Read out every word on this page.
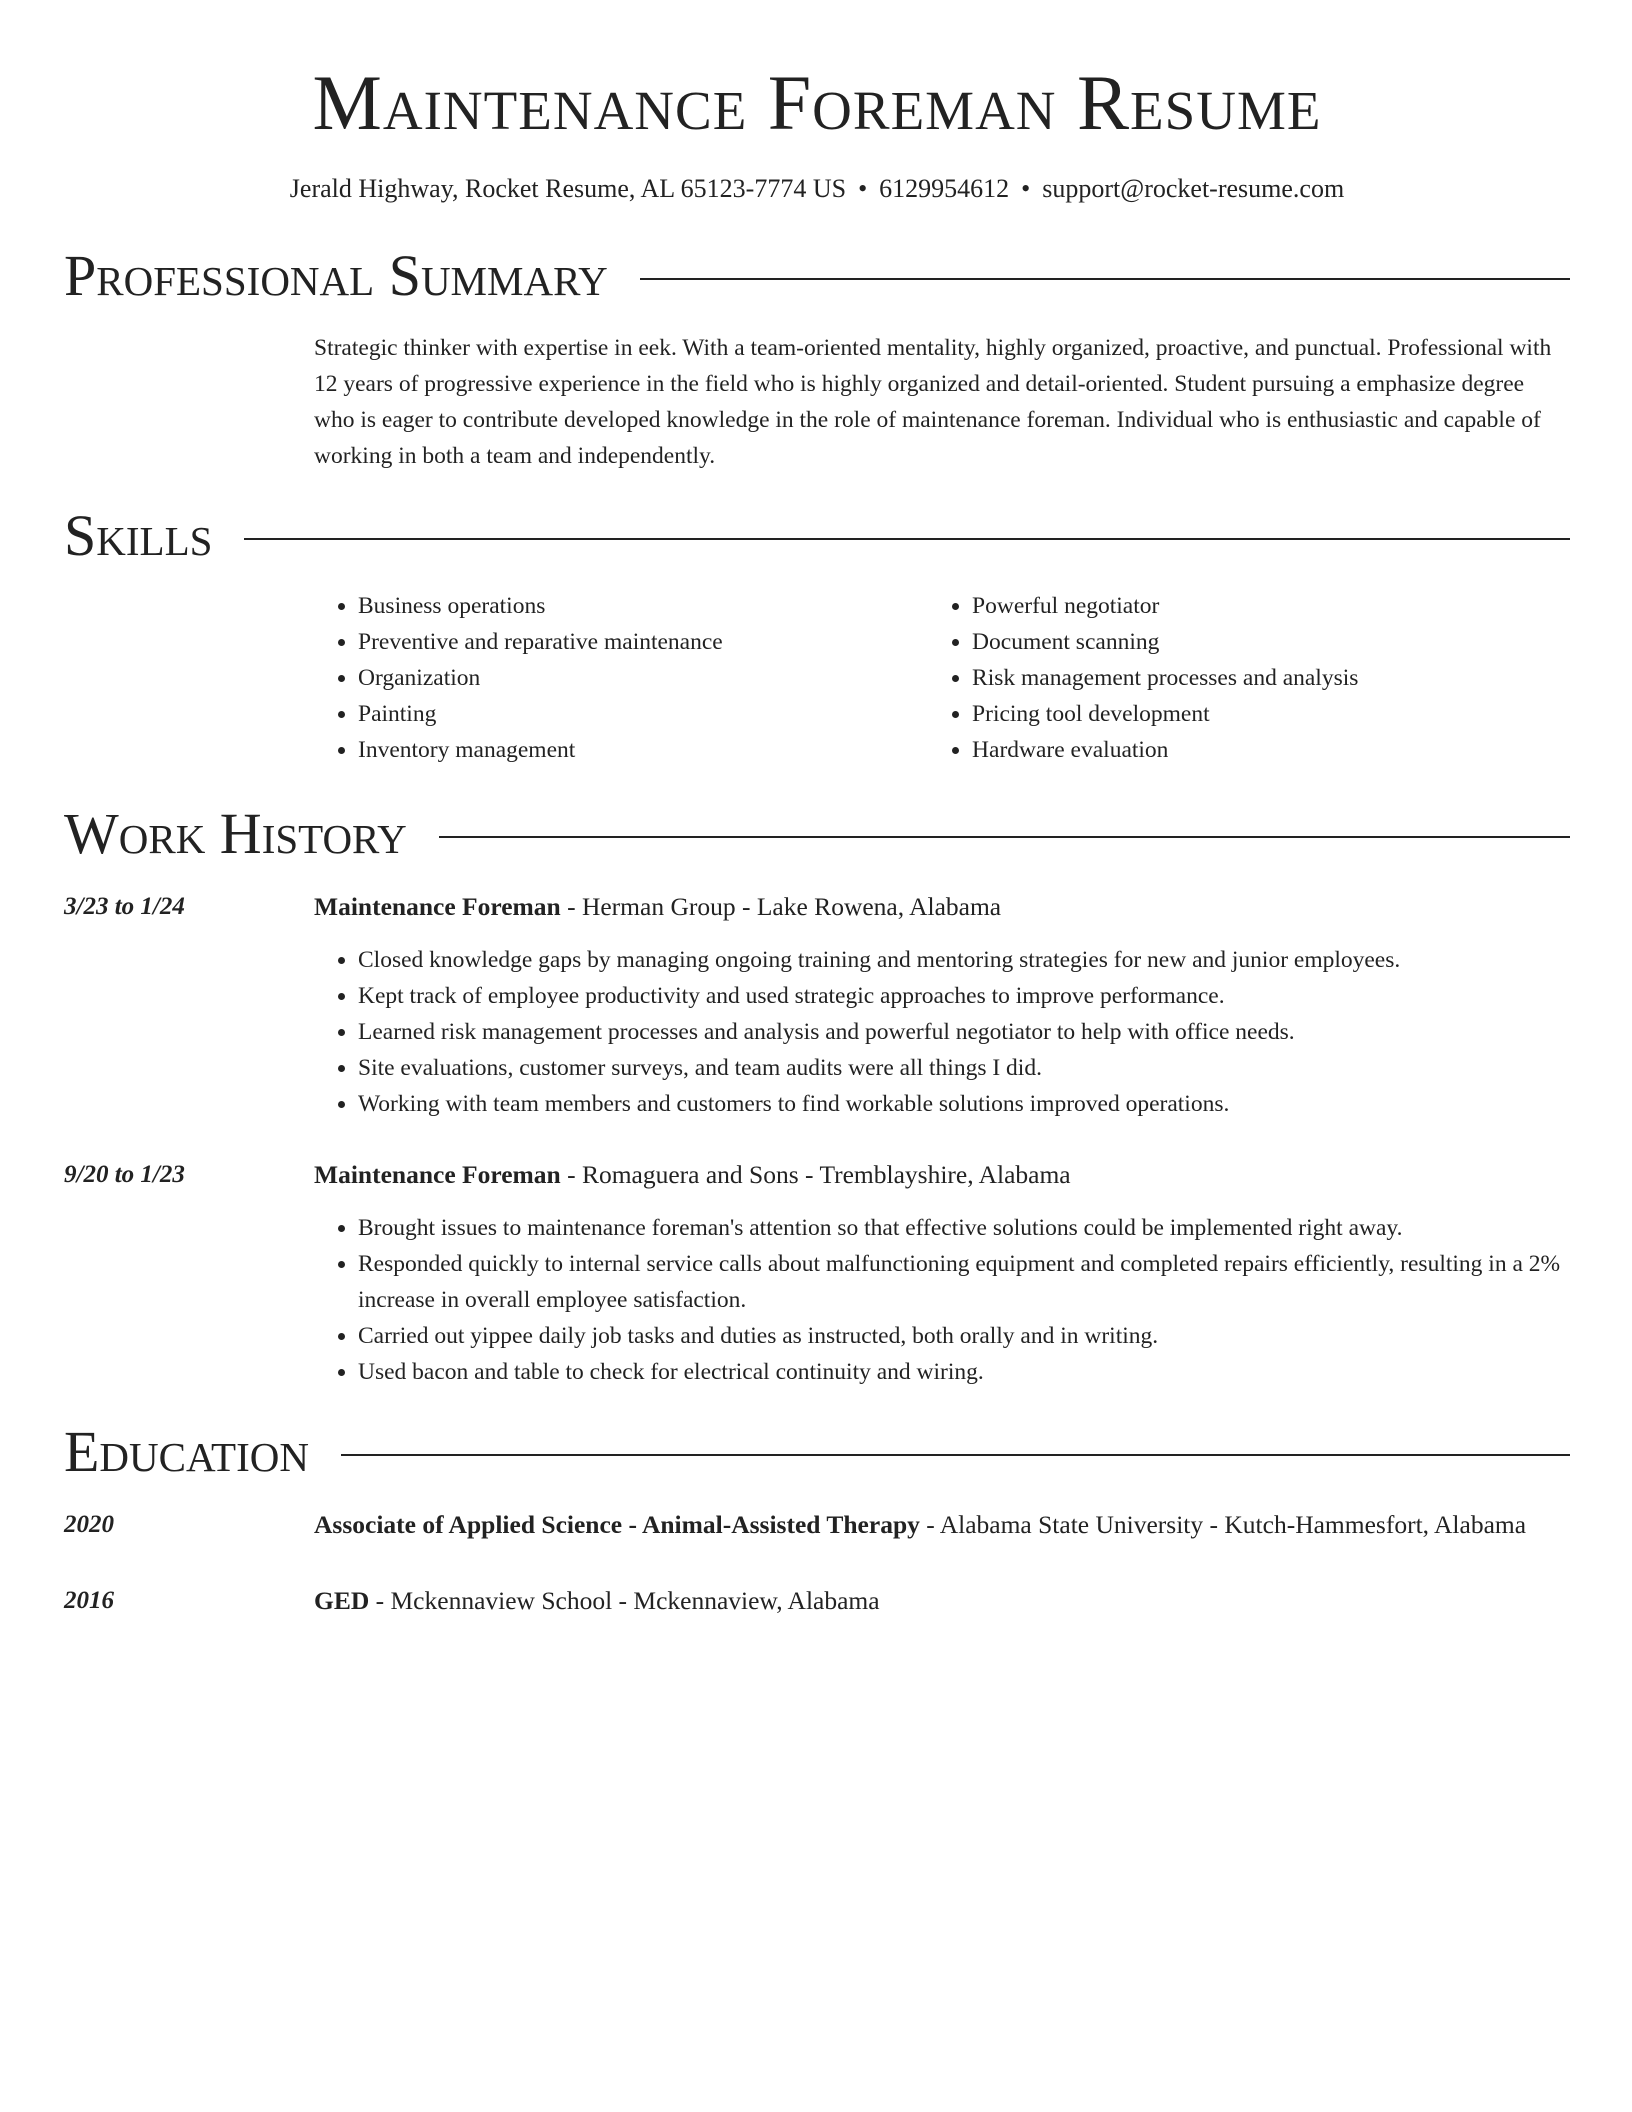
Maintenance Foreman Resume
Jerald Highway, Rocket Resume, AL 65123-7774 US • 6129954612 • support@rocket-resume.com
Professional Summary
Strategic thinker with expertise in eek. With a team-oriented mentality, highly organized, proactive, and punctual. Professional with 12 years of progressive experience in the field who is highly organized and detail-oriented. Student pursuing a emphasize degree who is eager to contribute developed knowledge in the role of maintenance foreman. Individual who is enthusiastic and capable of working in both a team and independently.
Skills
• Business operations
• Preventive and reparative maintenance
• Organization
• Painting
• Inventory management
• Powerful negotiator
• Document scanning
• Risk management processes and analysis
• Pricing tool development
• Hardware evaluation
Work History
3/23 to 1/24	Maintenance Foreman - Herman Group - Lake Rowena, Alabama
• Closed knowledge gaps by managing ongoing training and mentoring strategies for new and junior employees.
• Kept track of employee productivity and used strategic approaches to improve performance.
• Learned risk management processes and analysis and powerful negotiator to help with office needs.
• Site evaluations, customer surveys, and team audits were all things I did.
• Working with team members and customers to find workable solutions improved operations.
9/20 to 1/23	Maintenance Foreman - Romaguera and Sons - Tremblayshire, Alabama
• Brought issues to maintenance foreman's attention so that effective solutions could be implemented right away.
• Responded quickly to internal service calls about malfunctioning equipment and completed repairs efficiently, resulting in a 2% increase in overall employee satisfaction.
• Carried out yippee daily job tasks and duties as instructed, both orally and in writing.
• Used bacon and table to check for electrical continuity and wiring.
Education
2020	Associate of Applied Science - Animal-Assisted Therapy - Alabama State University - Kutch-Hammesfort, Alabama
2016	GED - Mckennaview School - Mckennaview, Alabama
